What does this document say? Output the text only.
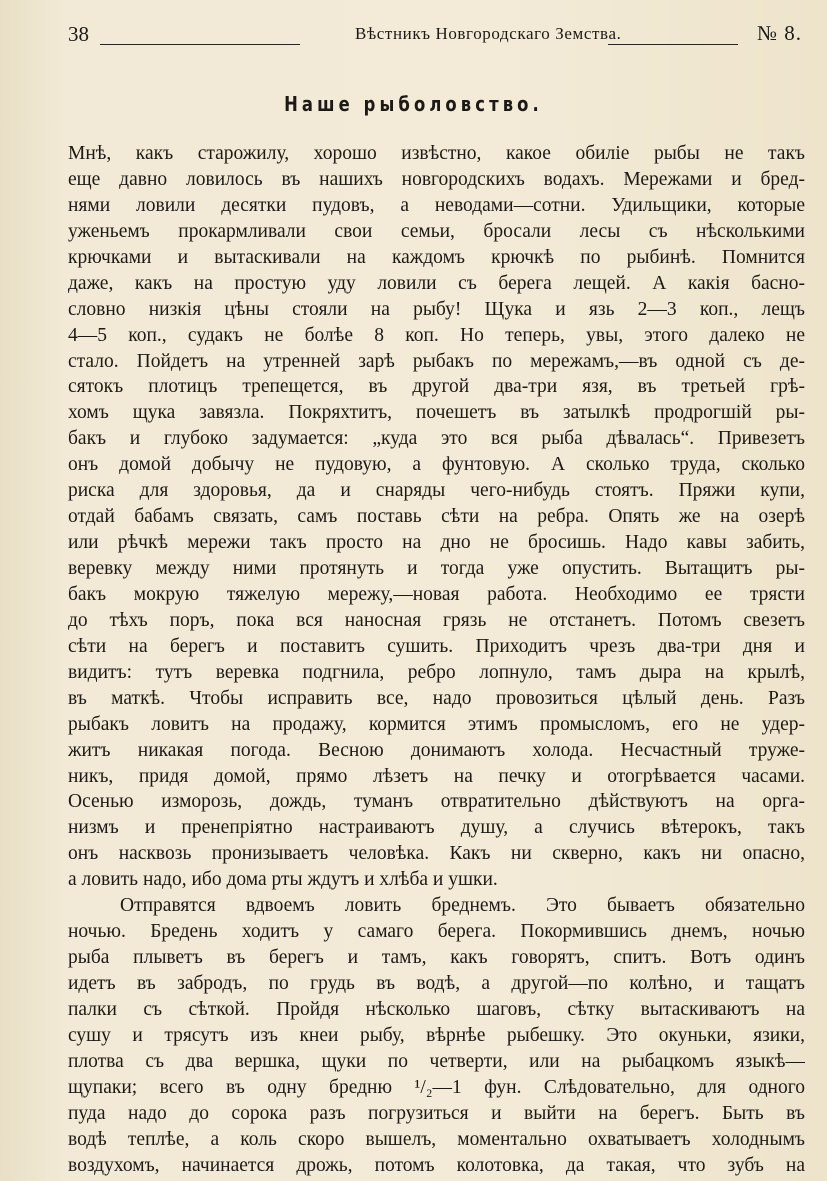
38	Вѣстникъ Новгородскаго Земства.	№ 8.
Наше рыболовство.
Мнѣ, какъ старожилу, хорошо извѣстно, какое обиліе рыбы не такъ
еще давно ловилось въ нашихъ новгородскихъ водахъ. Мережами и бред-
нями ловили десятки пудовъ, а неводами—сотни. Удильщики, которые
уженьемъ прокармливали свои семьи, бросали лесы съ нѣсколькими
крючками и вытаскивали на каждомъ крючкѣ по рыбинѣ. Помнится
даже, какъ на простую уду ловили съ берега лещей. А какія басно-
словно низкія цѣны стояли на рыбу! Щука и язь 2—3 коп., лещъ
4—5 коп., судакъ не болѣе 8 коп. Но теперь, увы, этого далеко не
стало. Пойдетъ на утренней зарѣ рыбакъ по мережамъ,—въ одной съ де-
сятокъ плотицъ трепещется, въ другой два-три язя, въ третьей грѣ-
хомъ щука завязла. Покряхтитъ, почешетъ въ затылкѣ продрогшій ры-
бакъ и глубоко задумается: „куда это вся рыба дѣвалась“. Привезетъ
онъ домой добычу не пудовую, а фунтовую. А сколько труда, сколько
риска для здоровья, да и снаряды чего-нибудь стоятъ. Пряжи купи,
отдай бабамъ связать, самъ поставь сѣти на ребра. Опять же на озерѣ
или рѣчкѣ мережи такъ просто на дно не бросишь. Надо кавы забить,
веревку между ними протянуть и тогда уже опустить. Вытащитъ ры-
бакъ мокрую тяжелую мережу,—новая работа. Необходимо ее трясти
до тѣхъ поръ, пока вся наносная грязь не отстанетъ. Потомъ свезетъ
сѣти на берегъ и поставитъ сушить. Приходитъ чрезъ два-три дня и
видитъ: тутъ веревка подгнила, ребро лопнуло, тамъ дыра на крылѣ,
въ маткѣ. Чтобы исправить все, надо провозиться цѣлый день. Разъ
рыбакъ ловитъ на продажу, кормится этимъ промысломъ, его не удер-
житъ никакая погода. Весною донимаютъ холода. Несчастный труже-
никъ, придя домой, прямо лѣзетъ на печку и отогрѣвается часами.
Осенью изморозь, дождь, туманъ отвратительно дѣйствуютъ на орга-
низмъ и пренепріятно настраиваютъ душу, а случись вѣтерокъ, такъ
онъ насквозь пронизываетъ человѣка. Какъ ни скверно, какъ ни опасно,
а ловить надо, ибо дома рты ждутъ и хлѣба и ушки.
Отправятся вдвоемъ ловить бреднемъ. Это бываетъ обязательно
ночью. Бредень ходитъ у самаго берега. Покормившись днемъ, ночью
рыба плыветъ въ берегъ и тамъ, какъ говорятъ, спитъ. Вотъ одинъ
идетъ въ забродъ, по грудь въ водѣ, а другой—по колѣно, и тащатъ
палки съ сѣткой. Пройдя нѣсколько шаговъ, сѣтку вытаскиваютъ на
сушу и трясутъ изъ кнеи рыбу, вѣрнѣе рыбешку. Это окуньки, язики,
плотва съ два вершка, щуки по четверти, или на рыбацкомъ языкѣ—
щупаки; всего въ одну бредню ¹/₂—1 фун. Слѣдовательно, для одного
пуда надо до сорока разъ погрузиться и выйти на берегъ. Быть въ
водѣ теплѣе, а коль скоро вышелъ, моментально охватываетъ холоднымъ
воздухомъ, начинается дрожь, потомъ колотовка, да такая, что зубъ на
